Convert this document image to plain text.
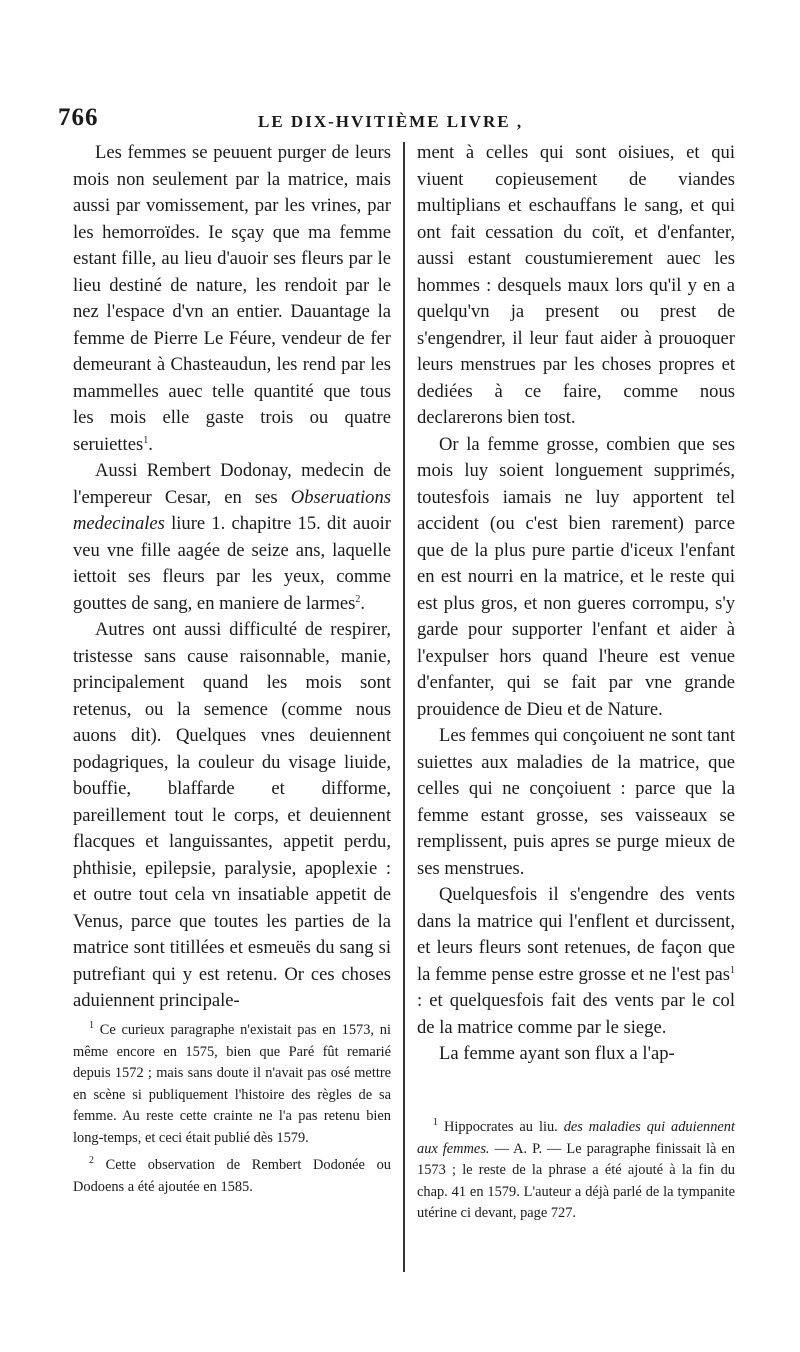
766	LE DIX-HVITIÈME LIVRE ,

Les femmes se peuuent purger de leurs mois non seulement par la matrice, mais aussi par vomissement, par les vrines, par les hemorroïdes. Ie sçay que ma femme estant fille, au lieu d'auoir ses fleurs par le lieu destiné de nature, les rendoit par le nez l'espace d'vn an entier. Dauantage la femme de Pierre Le Féure, vendeur de fer demeurant à Chasteaudun, les rend par les mammelles auec telle quantité que tous les mois elle gaste trois ou quatre seruiettes$^1$.

Aussi Rembert Dodonay, medecin de l'empereur Cesar, en ses Obseruations medecinales liure 1. chapitre 15. dit auoir veu vne fille aagée de seize ans, laquelle iettoit ses fleurs par les yeux, comme gouttes de sang, en maniere de larmes$^2$.

Autres ont aussi difficulté de respirer, tristesse sans cause raisonnable, manie, principalement quand les mois sont retenus, ou la semence (comme nous auons dit). Quelques vnes deuiennent podagriques, la couleur du visage liuide, bouffie, blaffarde et difforme, pareillement tout le corps, et deuiennent flacques et languissantes, appetit perdu, phthisie, epilepsie, paralysie, apoplexie : et outre tout cela vn insatiable appetit de Venus, parce que toutes les parties de la matrice sont titillées et esmeuës du sang si putrefiant qui y est retenu. Or ces choses aduiennent principale-

ment à celles qui sont oisiues, et qui viuent copieusement de viandes multiplians et eschauffans le sang, et qui ont fait cessation du coït, et d'enfanter, aussi estant coustumierement auec les hommes : desquels maux lors qu'il y en a quelqu'vn ja present ou prest de s'engendrer, il leur faut aider à prouoquer leurs menstrues par les choses propres et dediées à ce faire, comme nous declarerons bien tost.

Or la femme grosse, combien que ses mois luy soient longuement supprimés, toutesfois iamais ne luy apportent tel accident (ou c'est bien rarement) parce que de la plus pure partie d'iceux l'enfant en est nourri en la matrice, et le reste qui est plus gros, et non gueres corrompu, s'y garde pour supporter l'enfant et aider à l'expulser hors quand l'heure est venue d'enfanter, qui se fait par vne grande prouidence de Dieu et de Nature.

Les femmes qui conçoiuent ne sont tant suiettes aux maladies de la matrice, que celles qui ne conçoiuent : parce que la femme estant grosse, ses vaisseaux se remplissent, puis apres se purge mieux de ses menstrues.

Quelquesfois il s'engendre des vents dans la matrice qui l'enflent et durcissent, et leurs fleurs sont retenues, de façon que la femme pense estre grosse et ne l'est pas$^1$ : et quelquesfois fait des vents par le col de la matrice comme par le siege.

La femme ayant son flux a l'ap-

$^1$ Ce curieux paragraphe n'existait pas en 1573, ni même encore en 1575, bien que Paré fût remarié depuis 1572 ; mais sans doute il n'avait pas osé mettre en scène si publiquement l'histoire des règles de sa femme. Au reste cette crainte ne l'a pas retenu bien long-temps, et ceci était publié dès 1579.

$^2$ Cette observation de Rembert Dodonée ou Dodoens a été ajoutée en 1585.

$^1$ Hippocrates au liu. des maladies qui aduiennent aux femmes. — A. P. — Le paragraphe finissait là en 1573 ; le reste de la phrase a été ajouté à la fin du chap. 41 en 1579. L'auteur a déjà parlé de la tympanite utérine ci devant, page 727.
